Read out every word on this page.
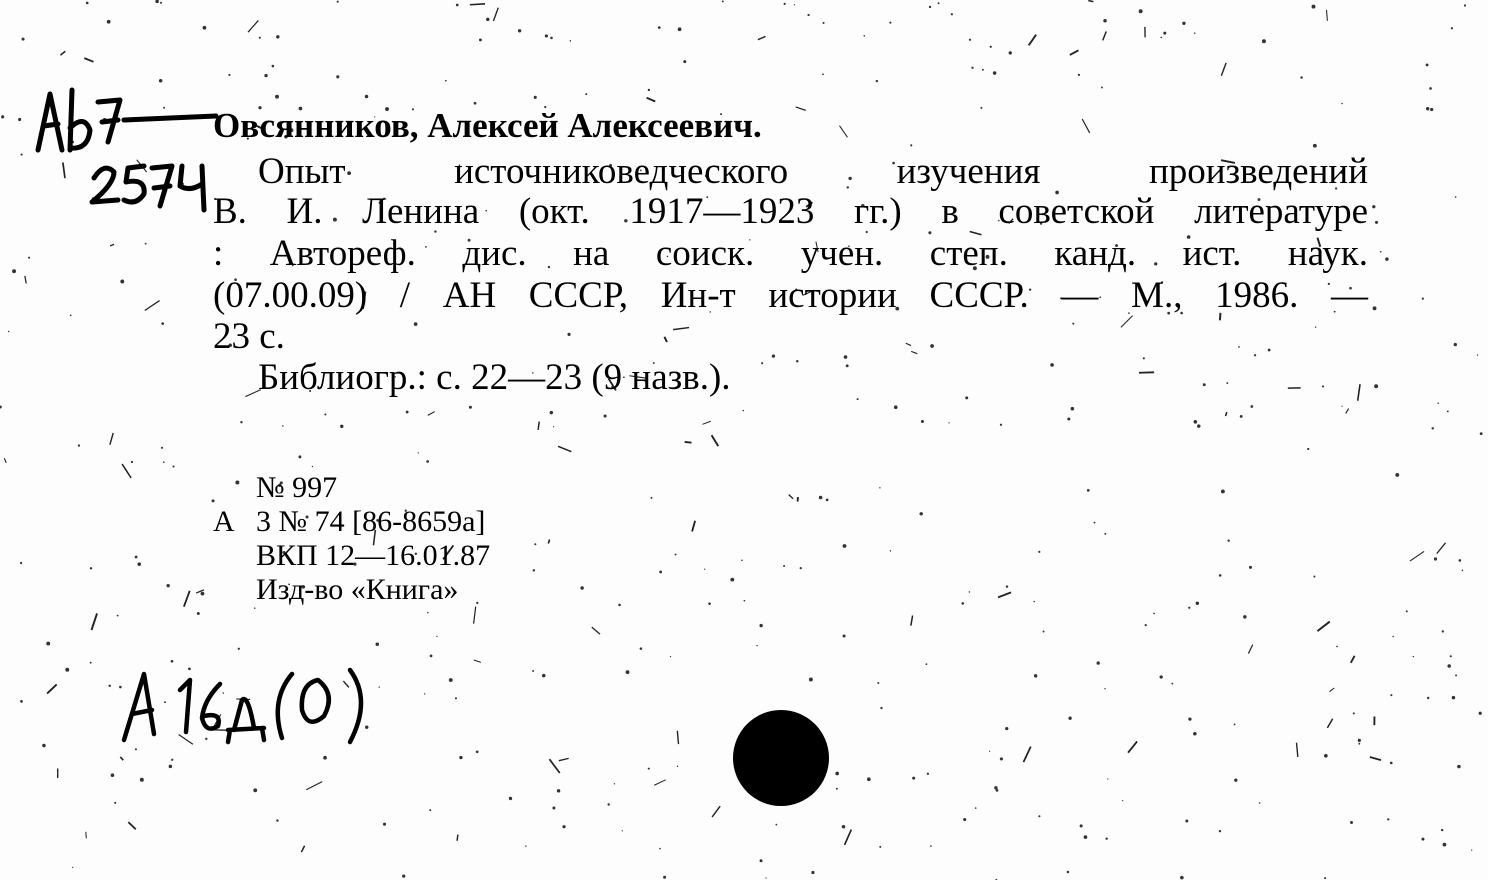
Овсянников, Алексей Алексеевич.
Опыт источниковедческого изучения произведений
В. И. Ленина (окт. 1917—1923 гг.) в советской литературе
: Автореф. дис. на соиск. учен. степ. канд. ист. наук.
(07.00.09) / АН СССР, Ин-т истории СССР. — М., 1986. —
23 с.
Библиогр.: с. 22—23 (9 назв.).
№ 997
А 3 № 74 [86-8659а]
ВКП 12—16.01.87
Изд-во «Книга»
